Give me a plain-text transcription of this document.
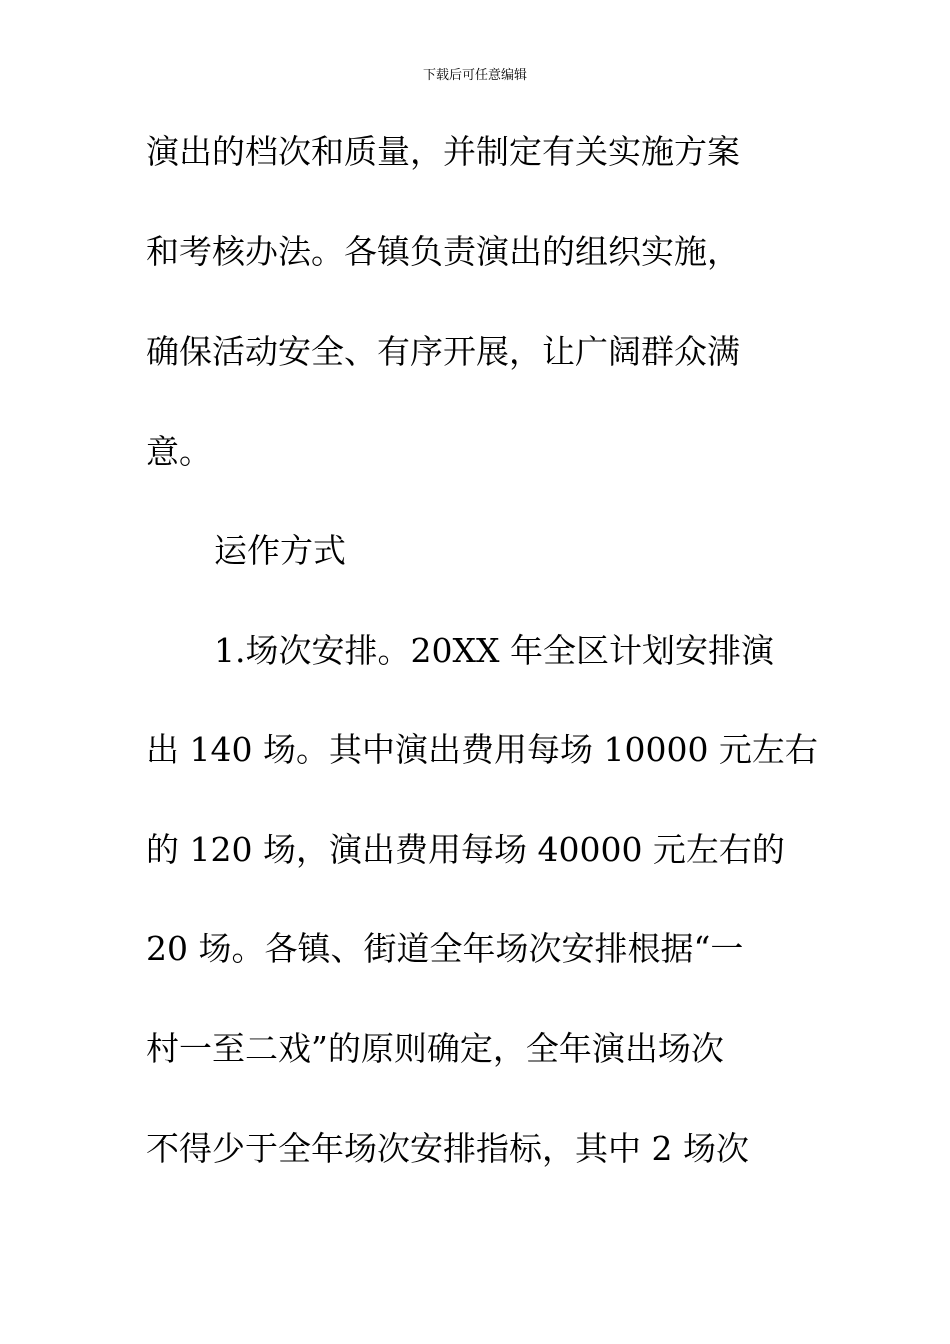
下载后可任意编辑
演出的档次和质量，并制定有关实施方案
和考核办法。各镇负责演出的组织实施，
确保活动安全、有序开展，让广阔群众满
意。
运作方式
1.场次安排。20XX 年全区计划安排演
出 140 场。其中演出费用每场 10000 元左右
的 120 场，演出费用每场 40000 元左右的
20 场。各镇、街道全年场次安排根据“一
村一至二戏”的原则确定，全年演出场次
不得少于全年场次安排指标，其中 2 场次
